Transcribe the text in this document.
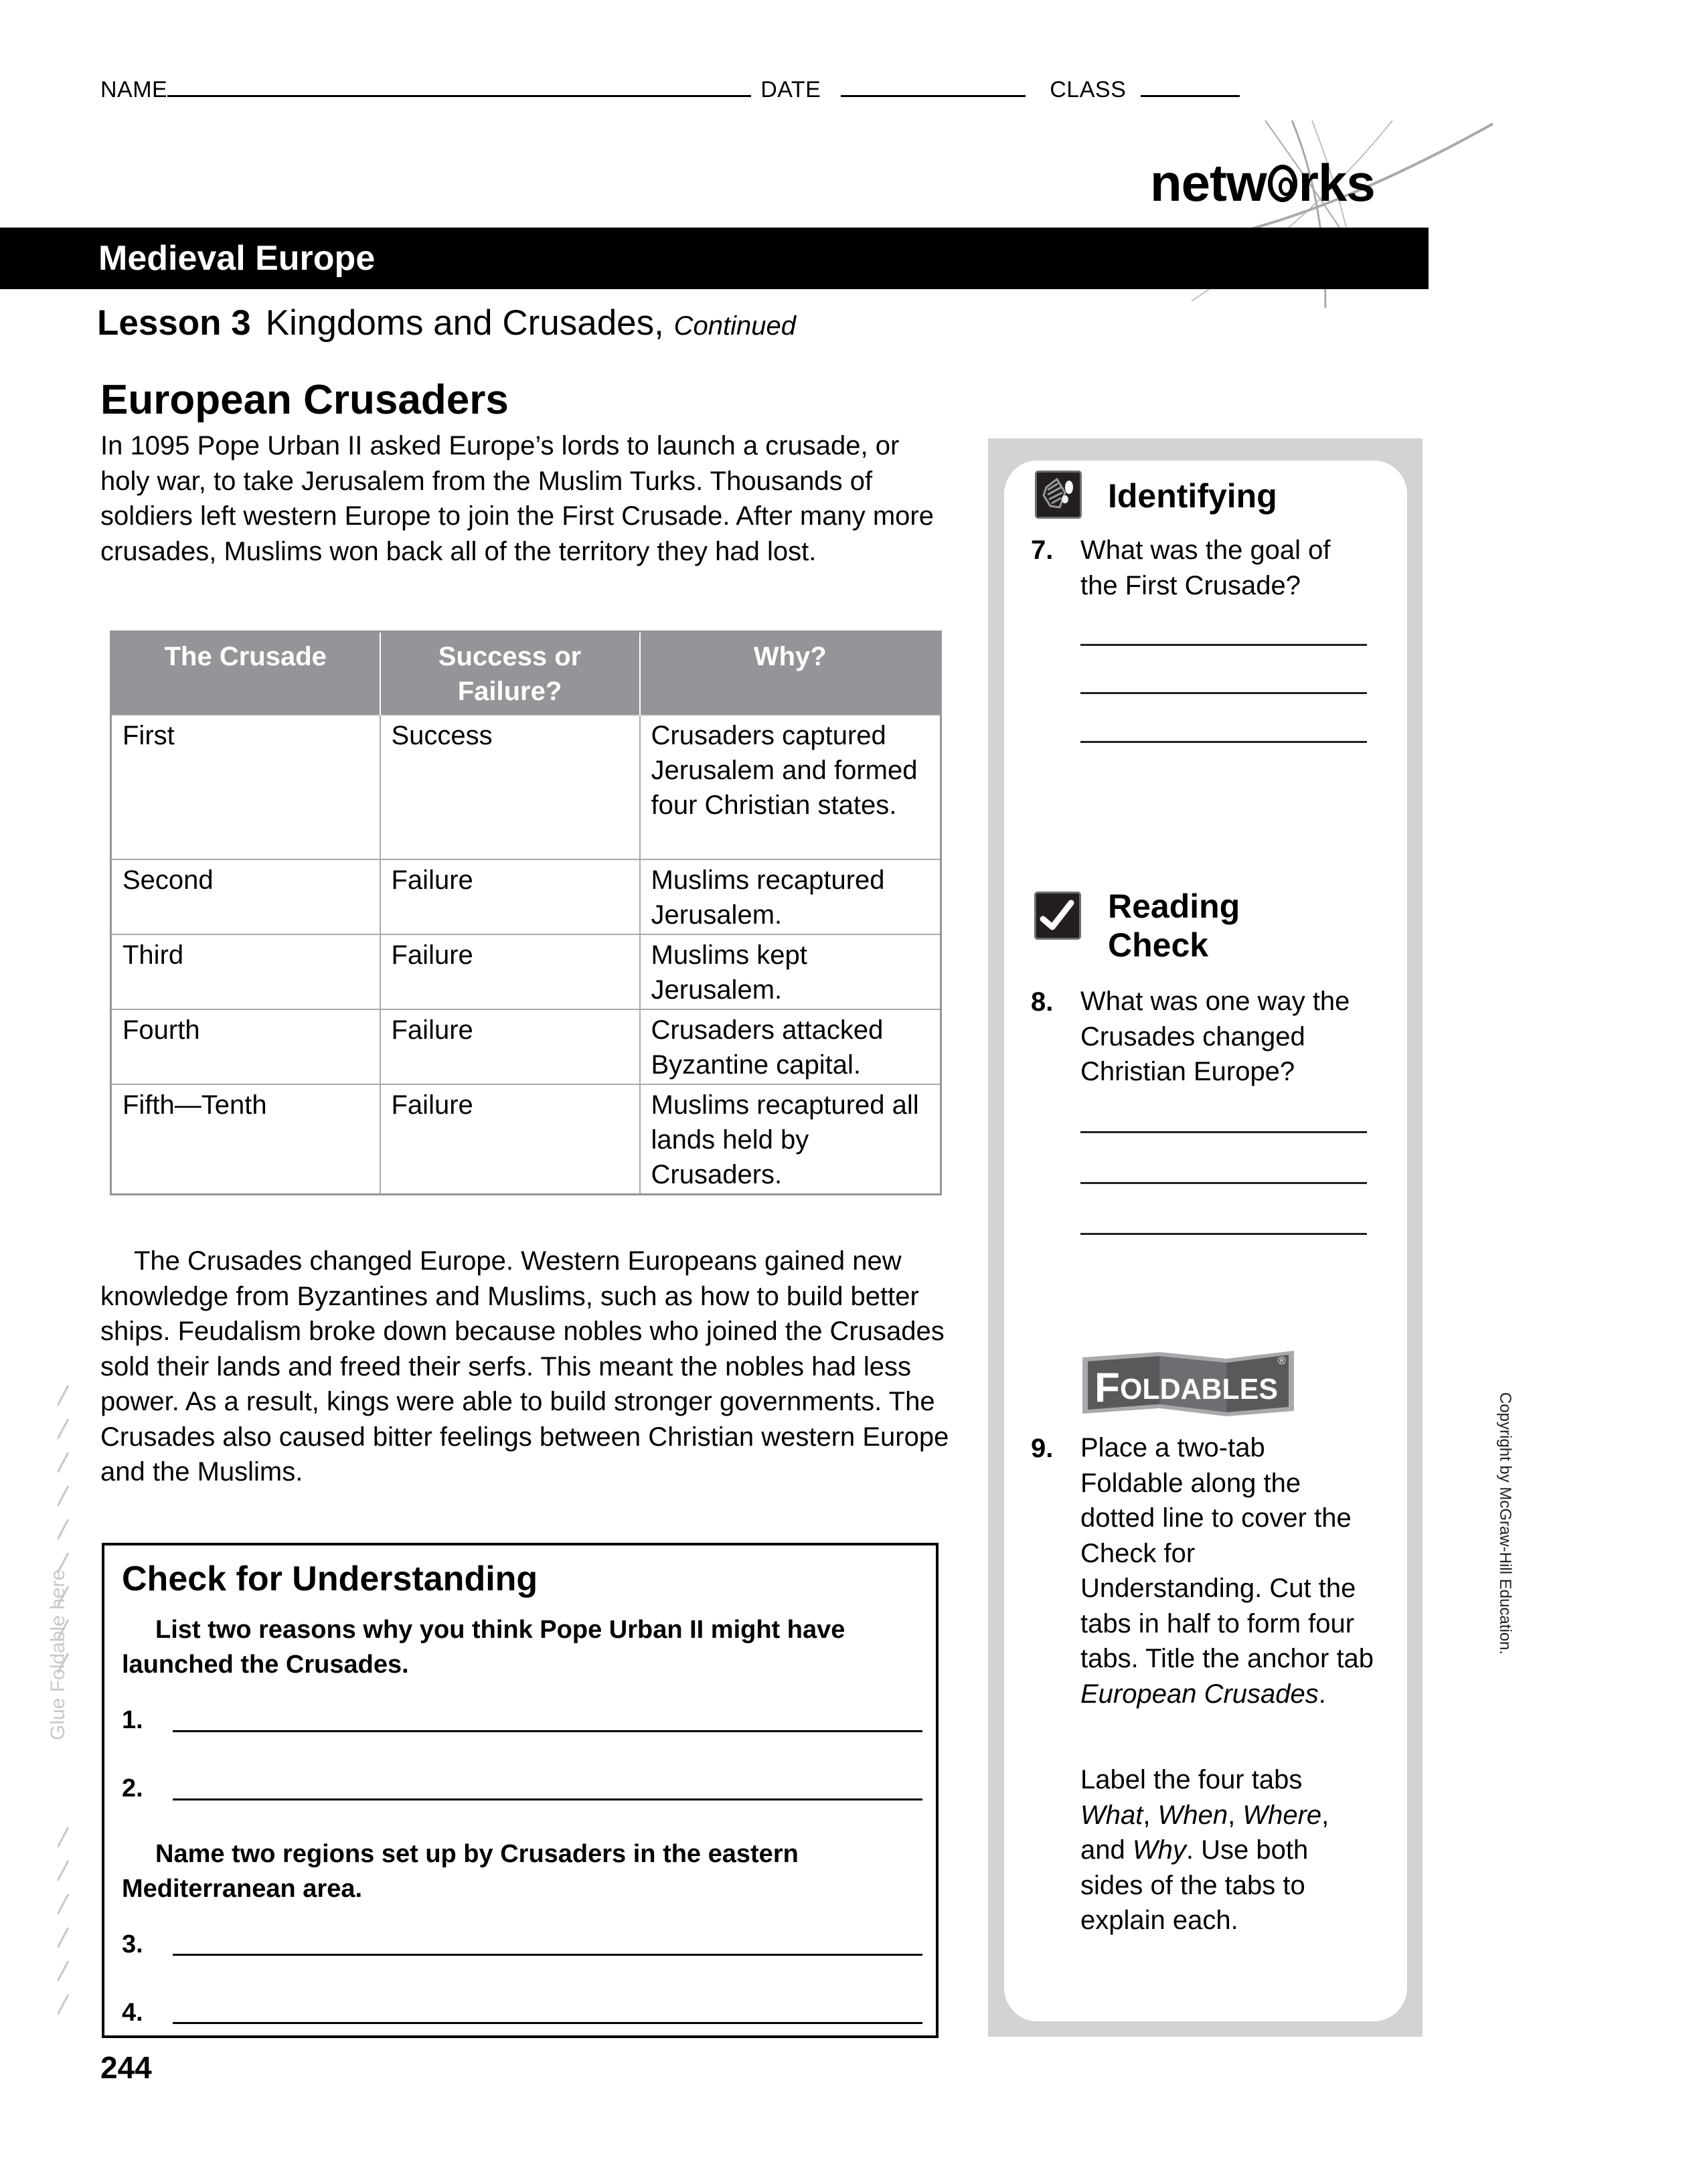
NAME	DATE	CLASS
netw rks
Medieval Europe
Lesson 3 Kingdoms and Crusades, Continued
European Crusaders
In 1095 Pope Urban II asked Europe’s lords to launch a crusade, or holy war, to take Jerusalem from the Muslim Turks. Thousands of soldiers left western Europe to join the First Crusade. After many more crusades, Muslims won back all of the territory they had lost.
The Crusade	Success or Failure?	Why?
First	Success	Crusaders captured Jerusalem and formed four Christian states.
Second	Failure	Muslims recaptured Jerusalem.
Third	Failure	Muslims kept Jerusalem.
Fourth	Failure	Crusaders attacked Byzantine capital.
Fifth—Tenth	Failure	Muslims recaptured all lands held by Crusaders.
The Crusades changed Europe. Western Europeans gained new knowledge from Byzantines and Muslims, such as how to build better ships. Feudalism broke down because nobles who joined the Crusades sold their lands and freed their serfs. This meant the nobles had less power. As a result, kings were able to build stronger governments. The Crusades also caused bitter feelings between Christian western Europe and the Muslims.
Glue Foldable here Check for Understanding
List two reasons why you think Pope Urban II might have launched the Crusades.
1.
2.
Name two regions set up by Crusaders in the eastern Mediterranean area.
3.
4.
244
Identifying
7. What was the goal of the First Crusade?
Reading
Check
8. What was one way the Crusades changed Christian Europe?
F OLDABLES
®
9. Place a two-tab Foldable along the dotted line to cover the Check for Understanding. Cut the tabs in half to form four tabs. Title the anchor tab European Crusades.
Label the four tabs What, When, Where, and Why. Use both sides of the tabs to explain each.
Copyright by McGraw-Hill Education.
